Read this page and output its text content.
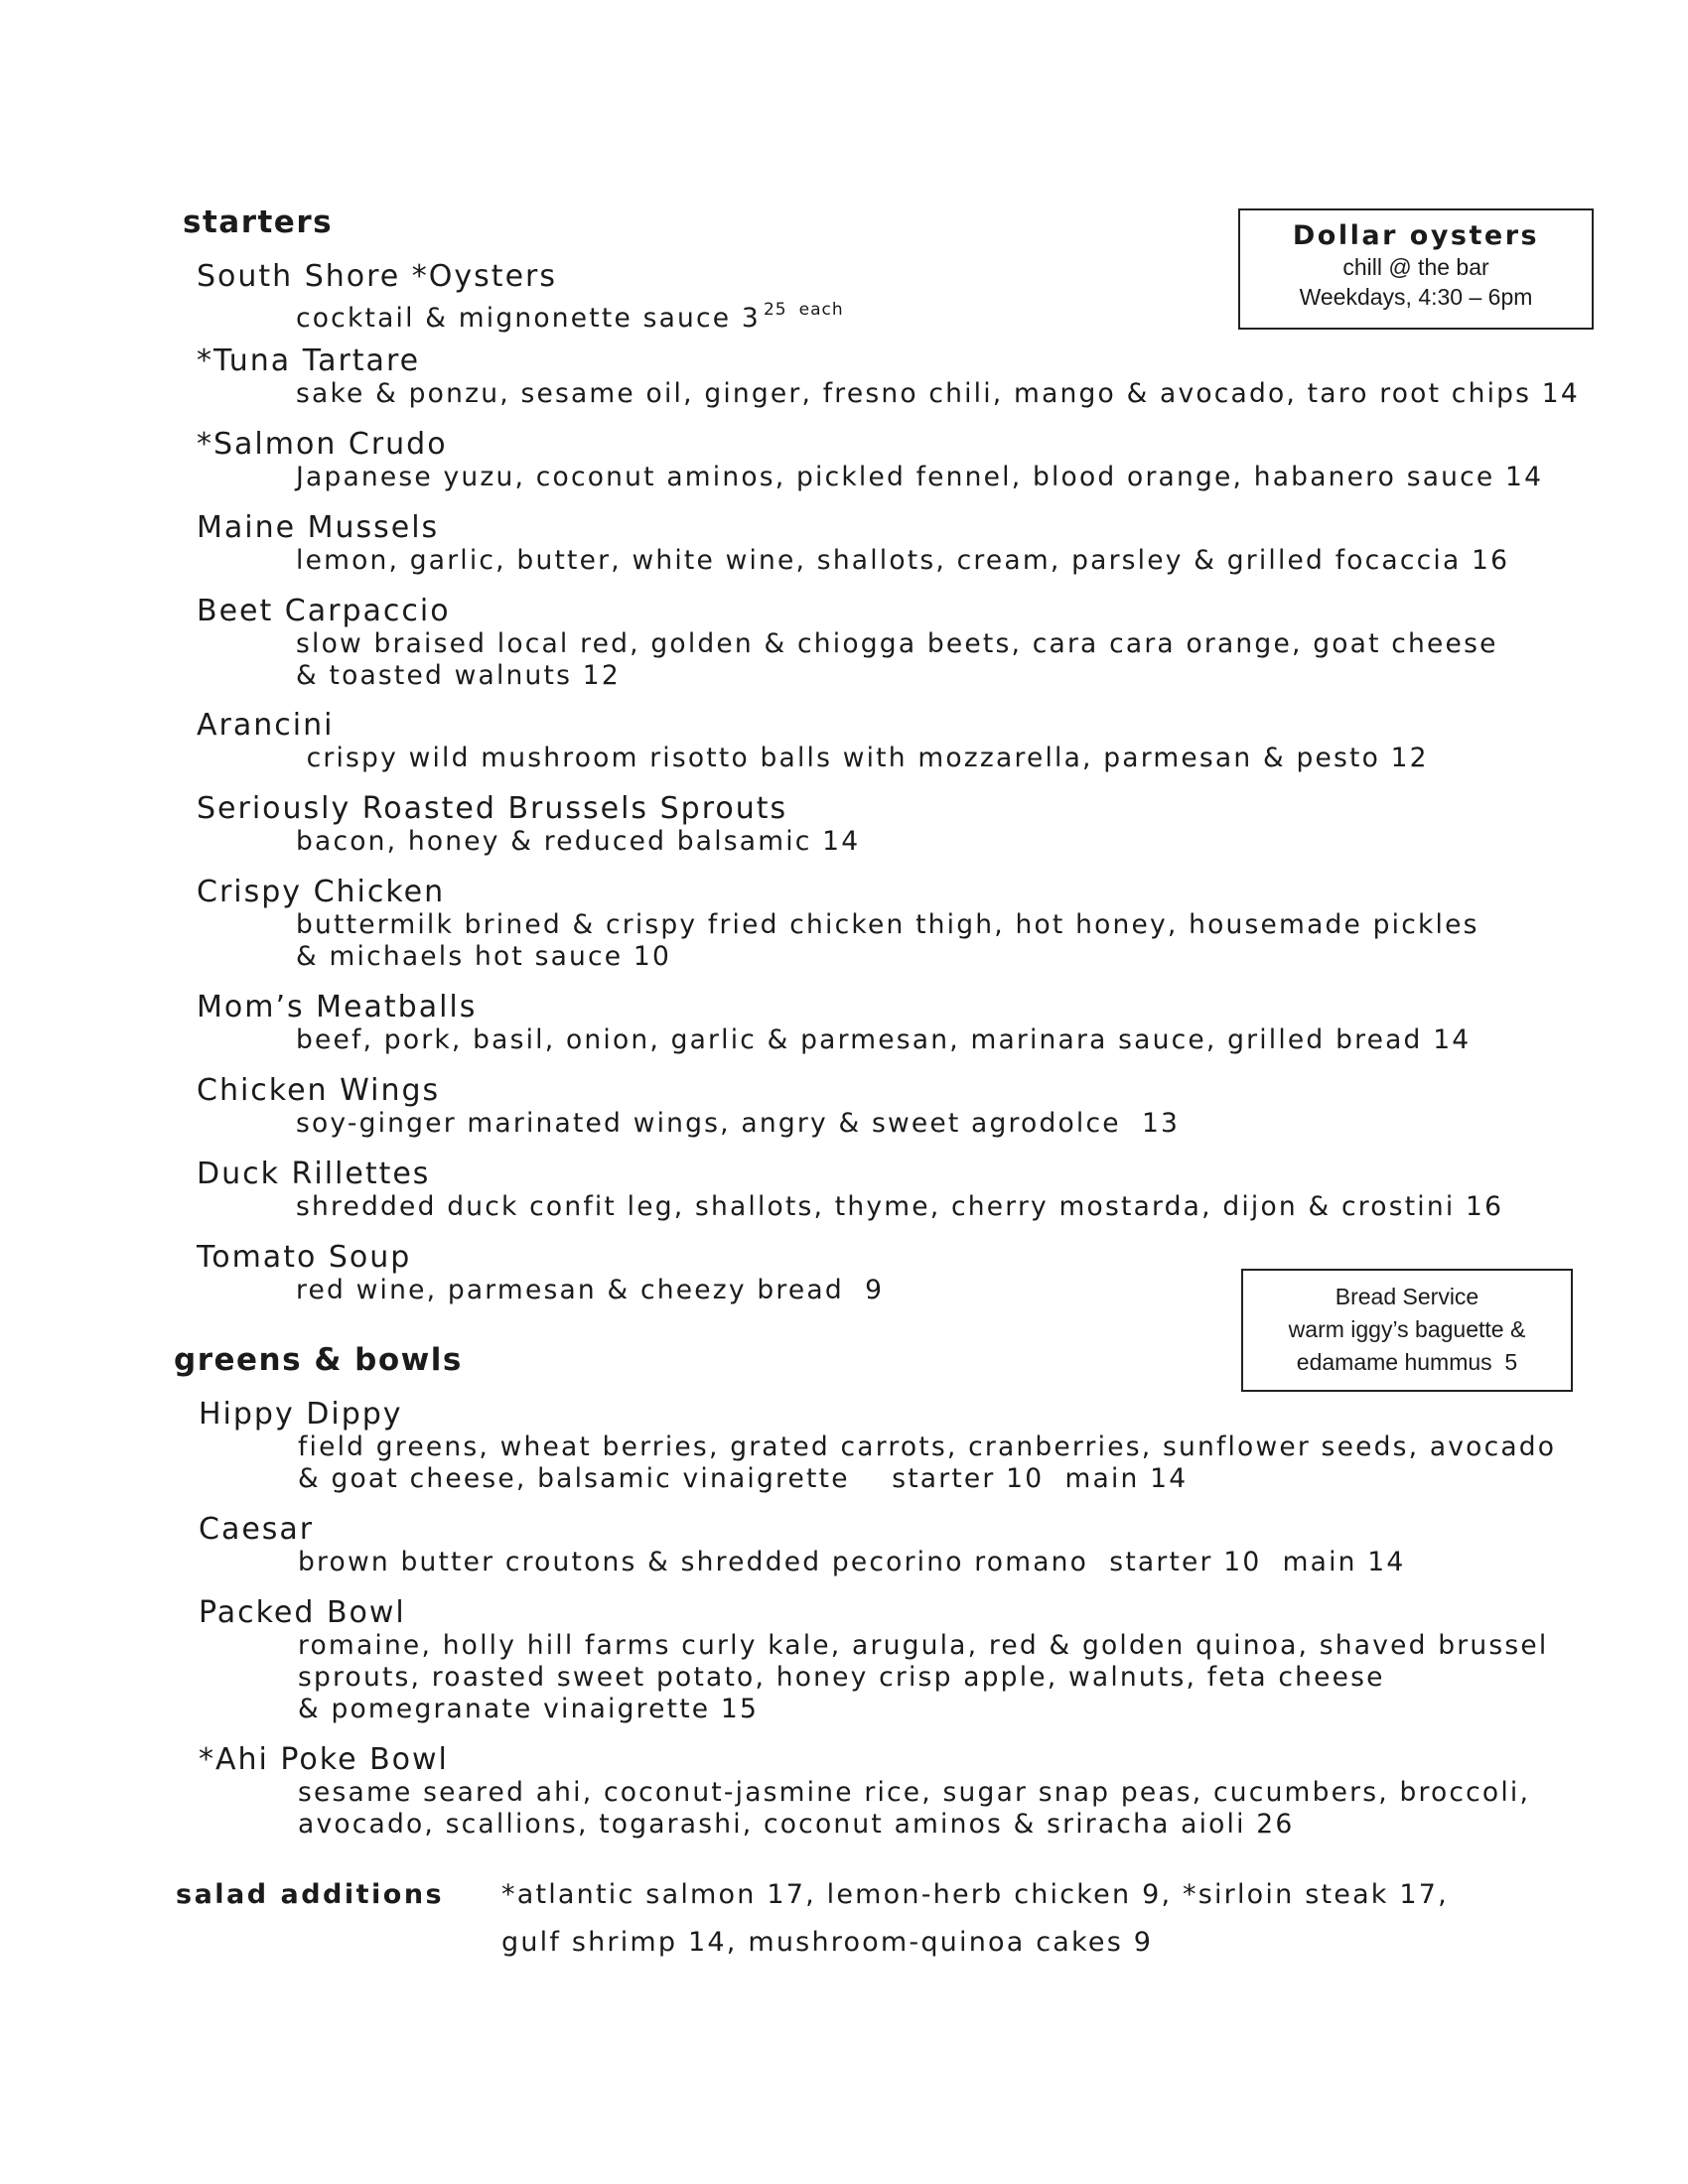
starters
South Shore *Oysters
cocktail & mignonette sauce 3 $^{25}$ $^{each}$
*Tuna Tartare
sake & ponzu, sesame oil, ginger, fresno chili, mango & avocado, taro root chips 14
*Salmon Crudo
Japanese yuzu, coconut aminos, pickled fennel, blood orange, habanero sauce 14
Maine Mussels
lemon, garlic, butter, white wine, shallots, cream, parsley & grilled focaccia 16
Beet Carpaccio
slow braised local red, golden & chiogga beets, cara cara orange, goat cheese
& toasted walnuts 12
Arancini
crispy wild mushroom risotto balls with mozzarella, parmesan & pesto 12
Seriously Roasted Brussels Sprouts
bacon, honey & reduced balsamic 14
Crispy Chicken
buttermilk brined & crispy fried chicken thigh, hot honey, housemade pickles
& michaels hot sauce 10
Mom’s Meatballs
beef, pork, basil, onion, garlic & parmesan, marinara sauce, grilled bread 14
Chicken Wings
soy-ginger marinated wings, angry & sweet agrodolce  13
Duck Rillettes
shredded duck confit leg, shallots, thyme, cherry mostarda, dijon & crostini 16
Tomato Soup
red wine, parmesan & cheezy bread  9
Dollar oysters
chill @ the bar
Weekdays, 4:30 – 6pm
Bread Service
warm iggy’s baguette &
edamame hummus  5
greens & bowls
Hippy Dippy
field greens, wheat berries, grated carrots, cranberries, sunflower seeds, avocado
& goat cheese, balsamic vinaigrette    starter 10  main 14
Caesar
brown butter croutons & shredded pecorino romano  starter 10  main 14
Packed Bowl
romaine, holly hill farms curly kale, arugula, red & golden quinoa, shaved brussel
sprouts, roasted sweet potato, honey crisp apple, walnuts, feta cheese
& pomegranate vinaigrette 15
*Ahi Poke Bowl
sesame seared ahi, coconut-jasmine rice, sugar snap peas, cucumbers, broccoli,
avocado, scallions, togarashi, coconut aminos & sriracha aioli 26
salad additions *atlantic salmon 17, lemon-herb chicken 9, *sirloin steak 17,
gulf shrimp 14, mushroom-quinoa cakes 9
